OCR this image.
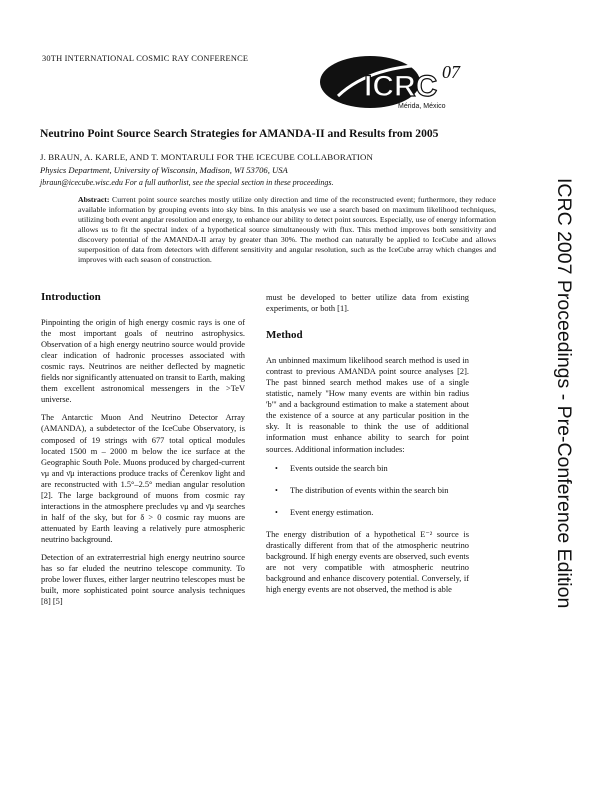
30TH INTERNATIONAL COSMIC RAY CONFERENCE
ICRC 07
Mérida, México
ICRC 2007 Proceedings - Pre-Conference Edition
Neutrino Point Source Search Strategies for AMANDA-II and Results from 2005
J. BRAUN, A. KARLE, AND T. MONTARULI FOR THE ICECUBE COLLABORATION
Physics Department, University of Wisconsin, Madison, WI 53706, USA
jbraun@icecube.wisc.edu For a full authorlist, see the special section in these proceedings.
Abstract: Current point source searches mostly utilize only direction and time of the reconstructed event; furthermore, they reduce available information by grouping events into sky bins. In this analysis we use a search based on maximum likelihood techniques, utilizing both event angular resolution and energy, to enhance our ability to detect point sources. Especially, use of energy information allows us to fit the spectral index of a hypothetical source simultaneously with flux. This method improves both sensitivity and discovery potential of the AMANDA-II array by greater than 30%. The method can naturally be applied to IceCube and allows superposition of data from detectors with different sensitivity and angular resolution, such as the IceCube array which changes and improves with each season of construction.
Introduction

Pinpointing the origin of high energy cosmic rays is one of the most important goals of neutrino astrophysics. Observation of a high energy neutrino source would provide clear indication of hadronic processes associated with cosmic rays. Neutrinos are neither deflected by magnetic fields nor significantly attenuated on transit to Earth, making them excellent astronomical messengers in the >TeV universe.

The Antarctic Muon And Neutrino Detector Array (AMANDA), a subdetector of the IceCube Observatory, is composed of 19 strings with 677 total optical modules located 1500 m – 2000 m below the ice surface at the Geographic South Pole. Muons produced by charged-current νμ and ν̄μ interactions produce tracks of Čerenkov light and are reconstructed with 1.5°–2.5° median angular resolution [2]. The large background of muons from cosmic ray interactions in the atmosphere precludes νμ and ν̄μ searches in half of the sky, but for δ > 0 cosmic ray muons are attenuated by Earth leaving a relatively pure atmospheric neutrino background.

Detection of an extraterrestrial high energy neutrino source has so far eluded the neutrino telescope community. To probe lower fluxes, either larger neutrino telescopes must be built, more sophisticated point source analysis techniques [8] [5]

must be developed to better utilize data from existing experiments, or both [1].

Method

An unbinned maximum likelihood search method is used in contrast to previous AMANDA point source analyses [2]. The past binned search method makes use of a single statistic, namely "How many events are within bin radius 'b'" and a background estimation to make a statement about the existence of a source at any particular position in the sky. It is reasonable to think the use of additional information must enhance ability to search for point sources. Additional information includes:

• Events outside the search bin
• The distribution of events within the search bin
• Event energy estimation.

The energy distribution of a hypothetical E⁻² source is drastically different from that of the atmospheric neutrino background. If high energy events are observed, such events are not very compatible with atmospheric neutrino background and enhance discovery potential. Conversely, if high energy events are not observed, the method is able
